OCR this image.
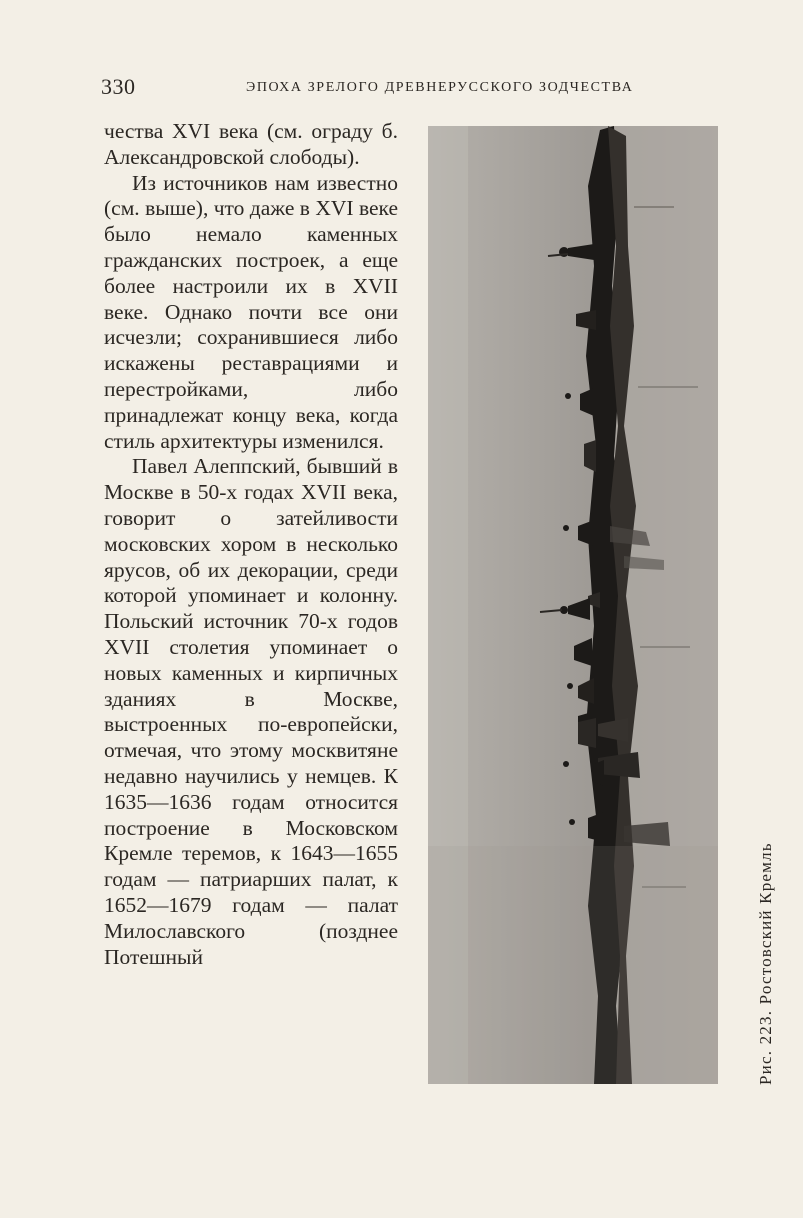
330	ЭПОХА ЗРЕЛОГО ДРЕВНЕРУССКОГО ЗОДЧЕСТВА

чества XVI века (см. ограду б. Александровской слободы).

Из источников нам известно (см. выше), что даже в XVI веке было немало каменных гражданских построек, а еще более настроили их в XVII веке. Однако почти все они исчезли; сохранившиеся либо искажены реставрациями и перестройками, либо принадлежат концу века, когда стиль архитектуры изменился.

Павел Алеппский, бывший в Москве в 50-х годах XVII века, говорит о затейливости московских хором в несколько ярусов, об их декорации, среди которой упоминает и колонну. Польский источник 70-х годов XVII столетия упоминает о новых каменных и кирпичных зданиях в Москве, выстроенных по-европейски, отмечая, что этому москвитяне недавно научились у немцев. К 1635—1636 годам относится построение в Московском Кремле теремов, к 1643—1655 годам — патриарших палат, к 1652—1679 годам — палат Милославского (позднее Потешный	Рис. 223. Ростовский Кремль
